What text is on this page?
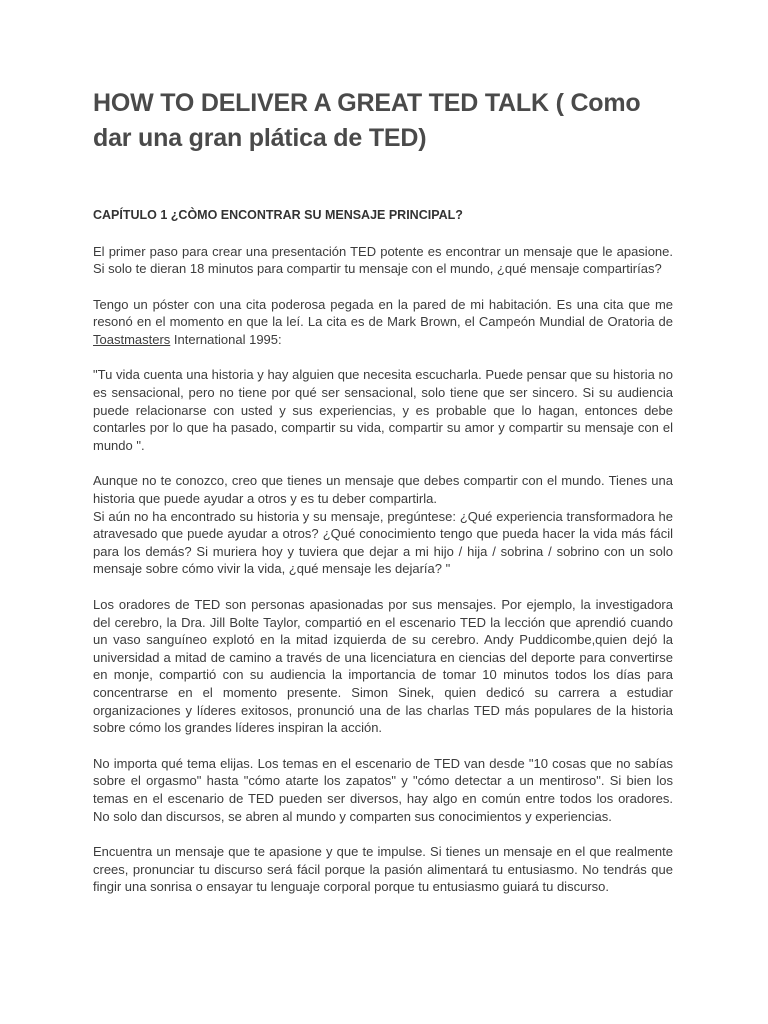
HOW TO DELIVER A GREAT TED TALK ( Como dar una gran plática de TED)

CAPÍTULO 1 ¿CÒMO ENCONTRAR SU MENSAJE PRINCIPAL?

El primer paso para crear una presentación TED potente es encontrar un mensaje que le apasione. Si solo te dieran 18 minutos para compartir tu mensaje con el mundo, ¿qué mensaje compartirías?

Tengo un póster con una cita poderosa pegada en la pared de mi habitación. Es una cita que me resonó en el momento en que la leí. La cita es de Mark Brown, el Campeón Mundial de Oratoria de Toastmasters International 1995:

"Tu vida cuenta una historia y hay alguien que necesita escucharla. Puede pensar que su historia no es sensacional, pero no tiene por qué ser sensacional, solo tiene que ser sincero. Si su audiencia puede relacionarse con usted y sus experiencias, y es probable que lo hagan, entonces debe contarles por lo que ha pasado, compartir su vida, compartir su amor y compartir su mensaje con el mundo ".

Aunque no te conozco, creo que tienes un mensaje que debes compartir con el mundo. Tienes una historia que puede ayudar a otros y es tu deber compartirla.

Si aún no ha encontrado su historia y su mensaje, pregúntese: ¿Qué experiencia transformadora he atravesado que puede ayudar a otros? ¿Qué conocimiento tengo que pueda hacer la vida más fácil para los demás? Si muriera hoy y tuviera que dejar a mi hijo / hija / sobrina / sobrino con un solo mensaje sobre cómo vivir la vida, ¿qué mensaje les dejaría? "

Los oradores de TED son personas apasionadas por sus mensajes. Por ejemplo, la investigadora del cerebro, la Dra. Jill Bolte Taylor, compartió en el escenario TED la lección que aprendió cuando un vaso sanguíneo explotó en la mitad izquierda de su cerebro. Andy Puddicombe,quien dejó la universidad a mitad de camino a través de una licenciatura en ciencias del deporte para convertirse en monje, compartió con su audiencia la importancia de tomar 10 minutos todos los días para concentrarse en el momento presente. Simon Sinek, quien dedicó su carrera a estudiar organizaciones y líderes exitosos, pronunció una de las charlas TED más populares de la historia sobre cómo los grandes líderes inspiran la acción.

No importa qué tema elijas. Los temas en el escenario de TED van desde "10 cosas que no sabías sobre el orgasmo" hasta "cómo atarte los zapatos" y "cómo detectar a un mentiroso". Si bien los temas en el escenario de TED pueden ser diversos, hay algo en común entre todos los oradores. No solo dan discursos, se abren al mundo y comparten sus conocimientos y experiencias.

Encuentra un mensaje que te apasione y que te impulse. Si tienes un mensaje en el que realmente crees, pronunciar tu discurso será fácil porque la pasión alimentará tu entusiasmo. No tendrás que fingir una sonrisa o ensayar tu lenguaje corporal porque tu entusiasmo guiará tu discurso.
